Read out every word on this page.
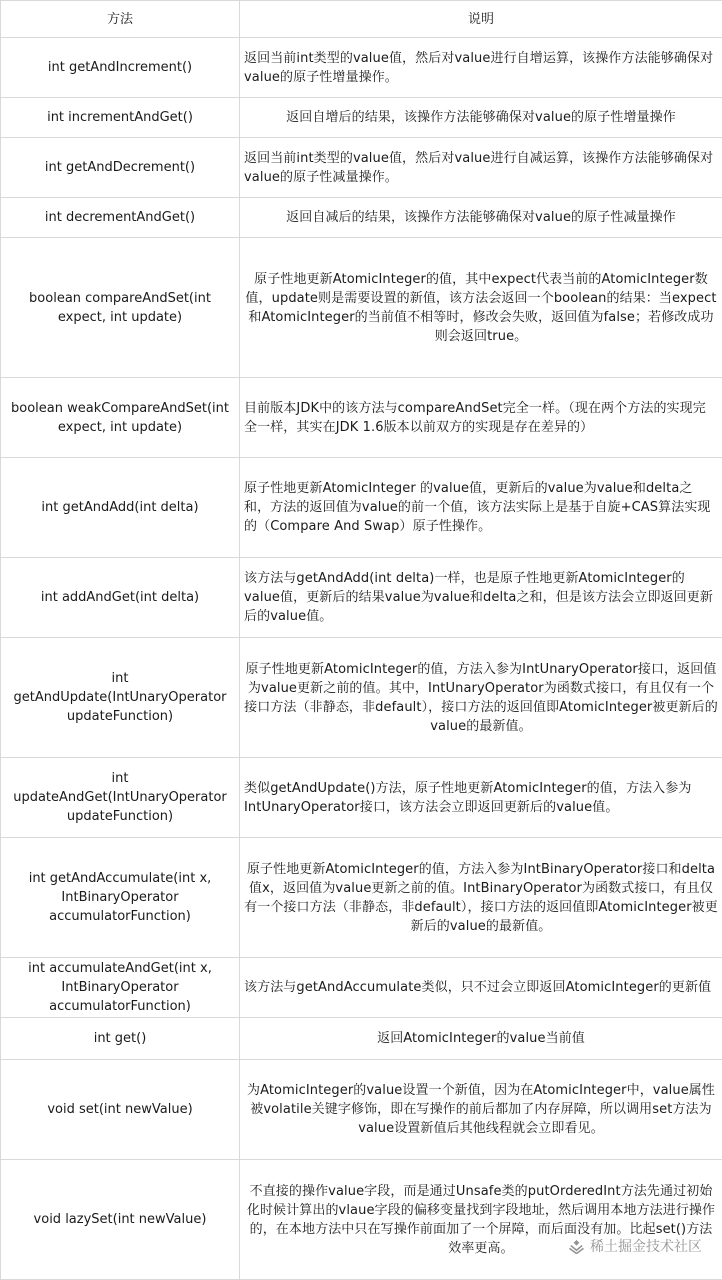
方法	说明
int getAndIncrement()	返回当前int类型的value值，然后对value进行自增运算，该操作方法能够确保对value的原子性增量操作。
int incrementAndGet()	返回自增后的结果，该操作方法能够确保对value的原子性增量操作
int getAndDecrement()	返回当前int类型的value值，然后对value进行自减运算，该操作方法能够确保对value的原子性减量操作。
int decrementAndGet()	返回自减后的结果，该操作方法能够确保对value的原子性减量操作
boolean compareAndSet(int expect, int update)	原子性地更新AtomicInteger的值，其中expect代表当前的AtomicInteger数值，update则是需要设置的新值，该方法会返回一个boolean的结果：当expect和AtomicInteger的当前值不相等时，修改会失败，返回值为false；若修改成功则会返回true。
boolean weakCompareAndSet(int expect, int update)	目前版本JDK中的该方法与compareAndSet完全一样。（现在两个方法的实现完全一样，其实在JDK 1.6版本以前双方的实现是存在差异的）
int getAndAdd(int delta)	原子性地更新AtomicInteger 的value值，更新后的value为value和delta之和，方法的返回值为value的前一个值，该方法实际上是基于自旋+CAS算法实现的（Compare And Swap）原子性操作。
int addAndGet(int delta)	该方法与getAndAdd(int delta)一样，也是原子性地更新AtomicInteger的value值，更新后的结果value为value和delta之和，但是该方法会立即返回更新后的value值。
int getAndUpdate(IntUnaryOperator updateFunction)	原子性地更新AtomicInteger的值，方法入参为IntUnaryOperator接口，返回值为value更新之前的值。其中，IntUnaryOperator为函数式接口，有且仅有一个接口方法（非静态，非default），接口方法的返回值即AtomicInteger被更新后的value的最新值。
int updateAndGet(IntUnaryOperator updateFunction)	类似getAndUpdate()方法，原子性地更新AtomicInteger的值，方法入参为IntUnaryOperator接口，该方法会立即返回更新后的value值。
int getAndAccumulate(int x, IntBinaryOperator accumulatorFunction)	原子性地更新AtomicInteger的值，方法入参为IntBinaryOperator接口和delta值x，返回值为value更新之前的值。IntBinaryOperator为函数式接口，有且仅有一个接口方法（非静态，非default），接口方法的返回值即AtomicInteger被更新后的value的最新值。
int accumulateAndGet(int x, IntBinaryOperator accumulatorFunction)	该方法与getAndAccumulate类似，只不过会立即返回AtomicInteger的更新值
int get()	返回AtomicInteger的value当前值
void set(int newValue)	为AtomicInteger的value设置一个新值，因为在AtomicInteger中，value属性被volatile关键字修饰，即在写操作的前后都加了内存屏障，所以调用set方法为value设置新值后其他线程就会立即看见。
void lazySet(int newValue)	不直接的操作value字段，而是通过Unsafe类的putOrderedInt方法先通过初始化时候计算出的vlaue字段的偏移变量找到字段地址，然后调用本地方法进行操作的，在本地方法中只在写操作前面加了一个屏障，而后面没有加。比起set()方法效率更高。	稀土掘金技术社区
